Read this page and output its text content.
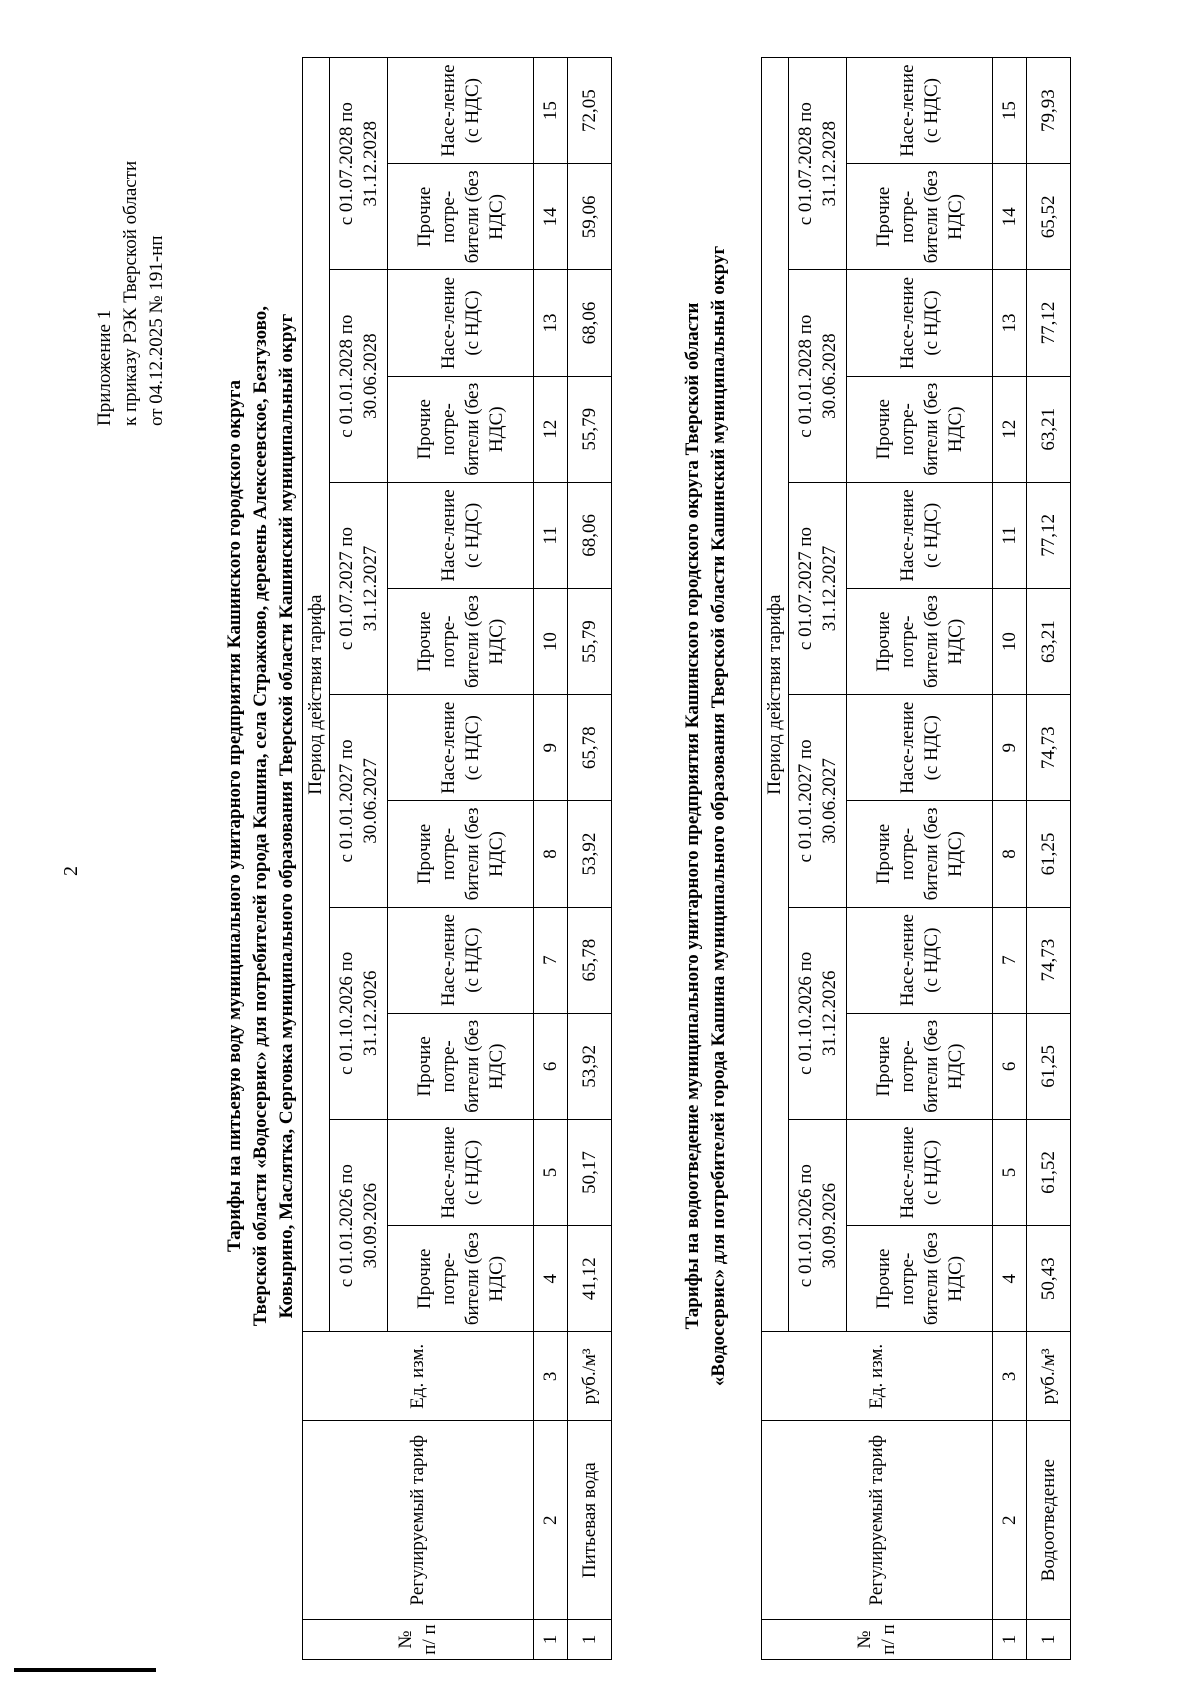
2
Приложение 1 к приказу РЭК Тверской области от 04.12.2025 № 191-нп
Тарифы на питьевую воду муниципального унитарного предприятия Кашинского городского округа Тверской области «Водосервис» для потребителей города Кашина, села Стражково, деревень Алексеевское, Безгузово, Ковырино, Маслятка, Серговка муниципального образования Тверской области Кашинский муниципальный округ
№ п/ п	Регулируемый тариф	Ед. изм.	Период действия тарифа											
			с 01.01.2026 по 30.09.2026		с 01.10.2026 по 31.12.2026		с 01.01.2027 по 30.06.2027		с 01.07.2027 по 31.12.2027		с 01.01.2028 по 30.06.2028		с 01.07.2028 по 31.12.2028	
			Прочие потре-бители (без НДС)	Насе-ление (с НДС)	Прочие потре-бители (без НДС)	Насе-ление (с НДС)	Прочие потре-бители (без НДС)	Насе-ление (с НДС)	Прочие потре-бители (без НДС)	Насе-ление (с НДС)	Прочие потре-бители (без НДС)	Насе-ление (с НДС)	Прочие потре-бители (без НДС)	Насе-ление (с НДС)
1	2	3	4	5	6	7	8	9	10	11	12	13	14	15
1	Питьевая вода	руб./м³	41,12	50,17	53,92	65,78	53,92	65,78	55,79	68,06	55,79	68,06	59,06	72,05
Тарифы на водоотведение муниципального унитарного предприятия Кашинского городского округа Тверской области «Водосервис» для потребителей города Кашина муниципального образования Тверской области Кашинский муниципальный округ
№ п/ п	Регулируемый тариф	Ед. изм.	Период действия тарифа											
			с 01.01.2026 по 30.09.2026		с 01.10.2026 по 31.12.2026		с 01.01.2027 по 30.06.2027		с 01.07.2027 по 31.12.2027		с 01.01.2028 по 30.06.2028		с 01.07.2028 по 31.12.2028	
			Прочие потре-бители (без НДС)	Насе-ление (с НДС)	Прочие потре-бители (без НДС)	Насе-ление (с НДС)	Прочие потре-бители (без НДС)	Насе-ление (с НДС)	Прочие потре-бители (без НДС)	Насе-ление (с НДС)	Прочие потре-бители (без НДС)	Насе-ление (с НДС)	Прочие потре-бители (без НДС)	Насе-ление (с НДС)
1	2	3	4	5	6	7	8	9	10	11	12	13	14	15
1	Водоотведение	руб./м³	50,43	61,52	61,25	74,73	61,25	74,73	63,21	77,12	63,21	77,12	65,52	79,93
